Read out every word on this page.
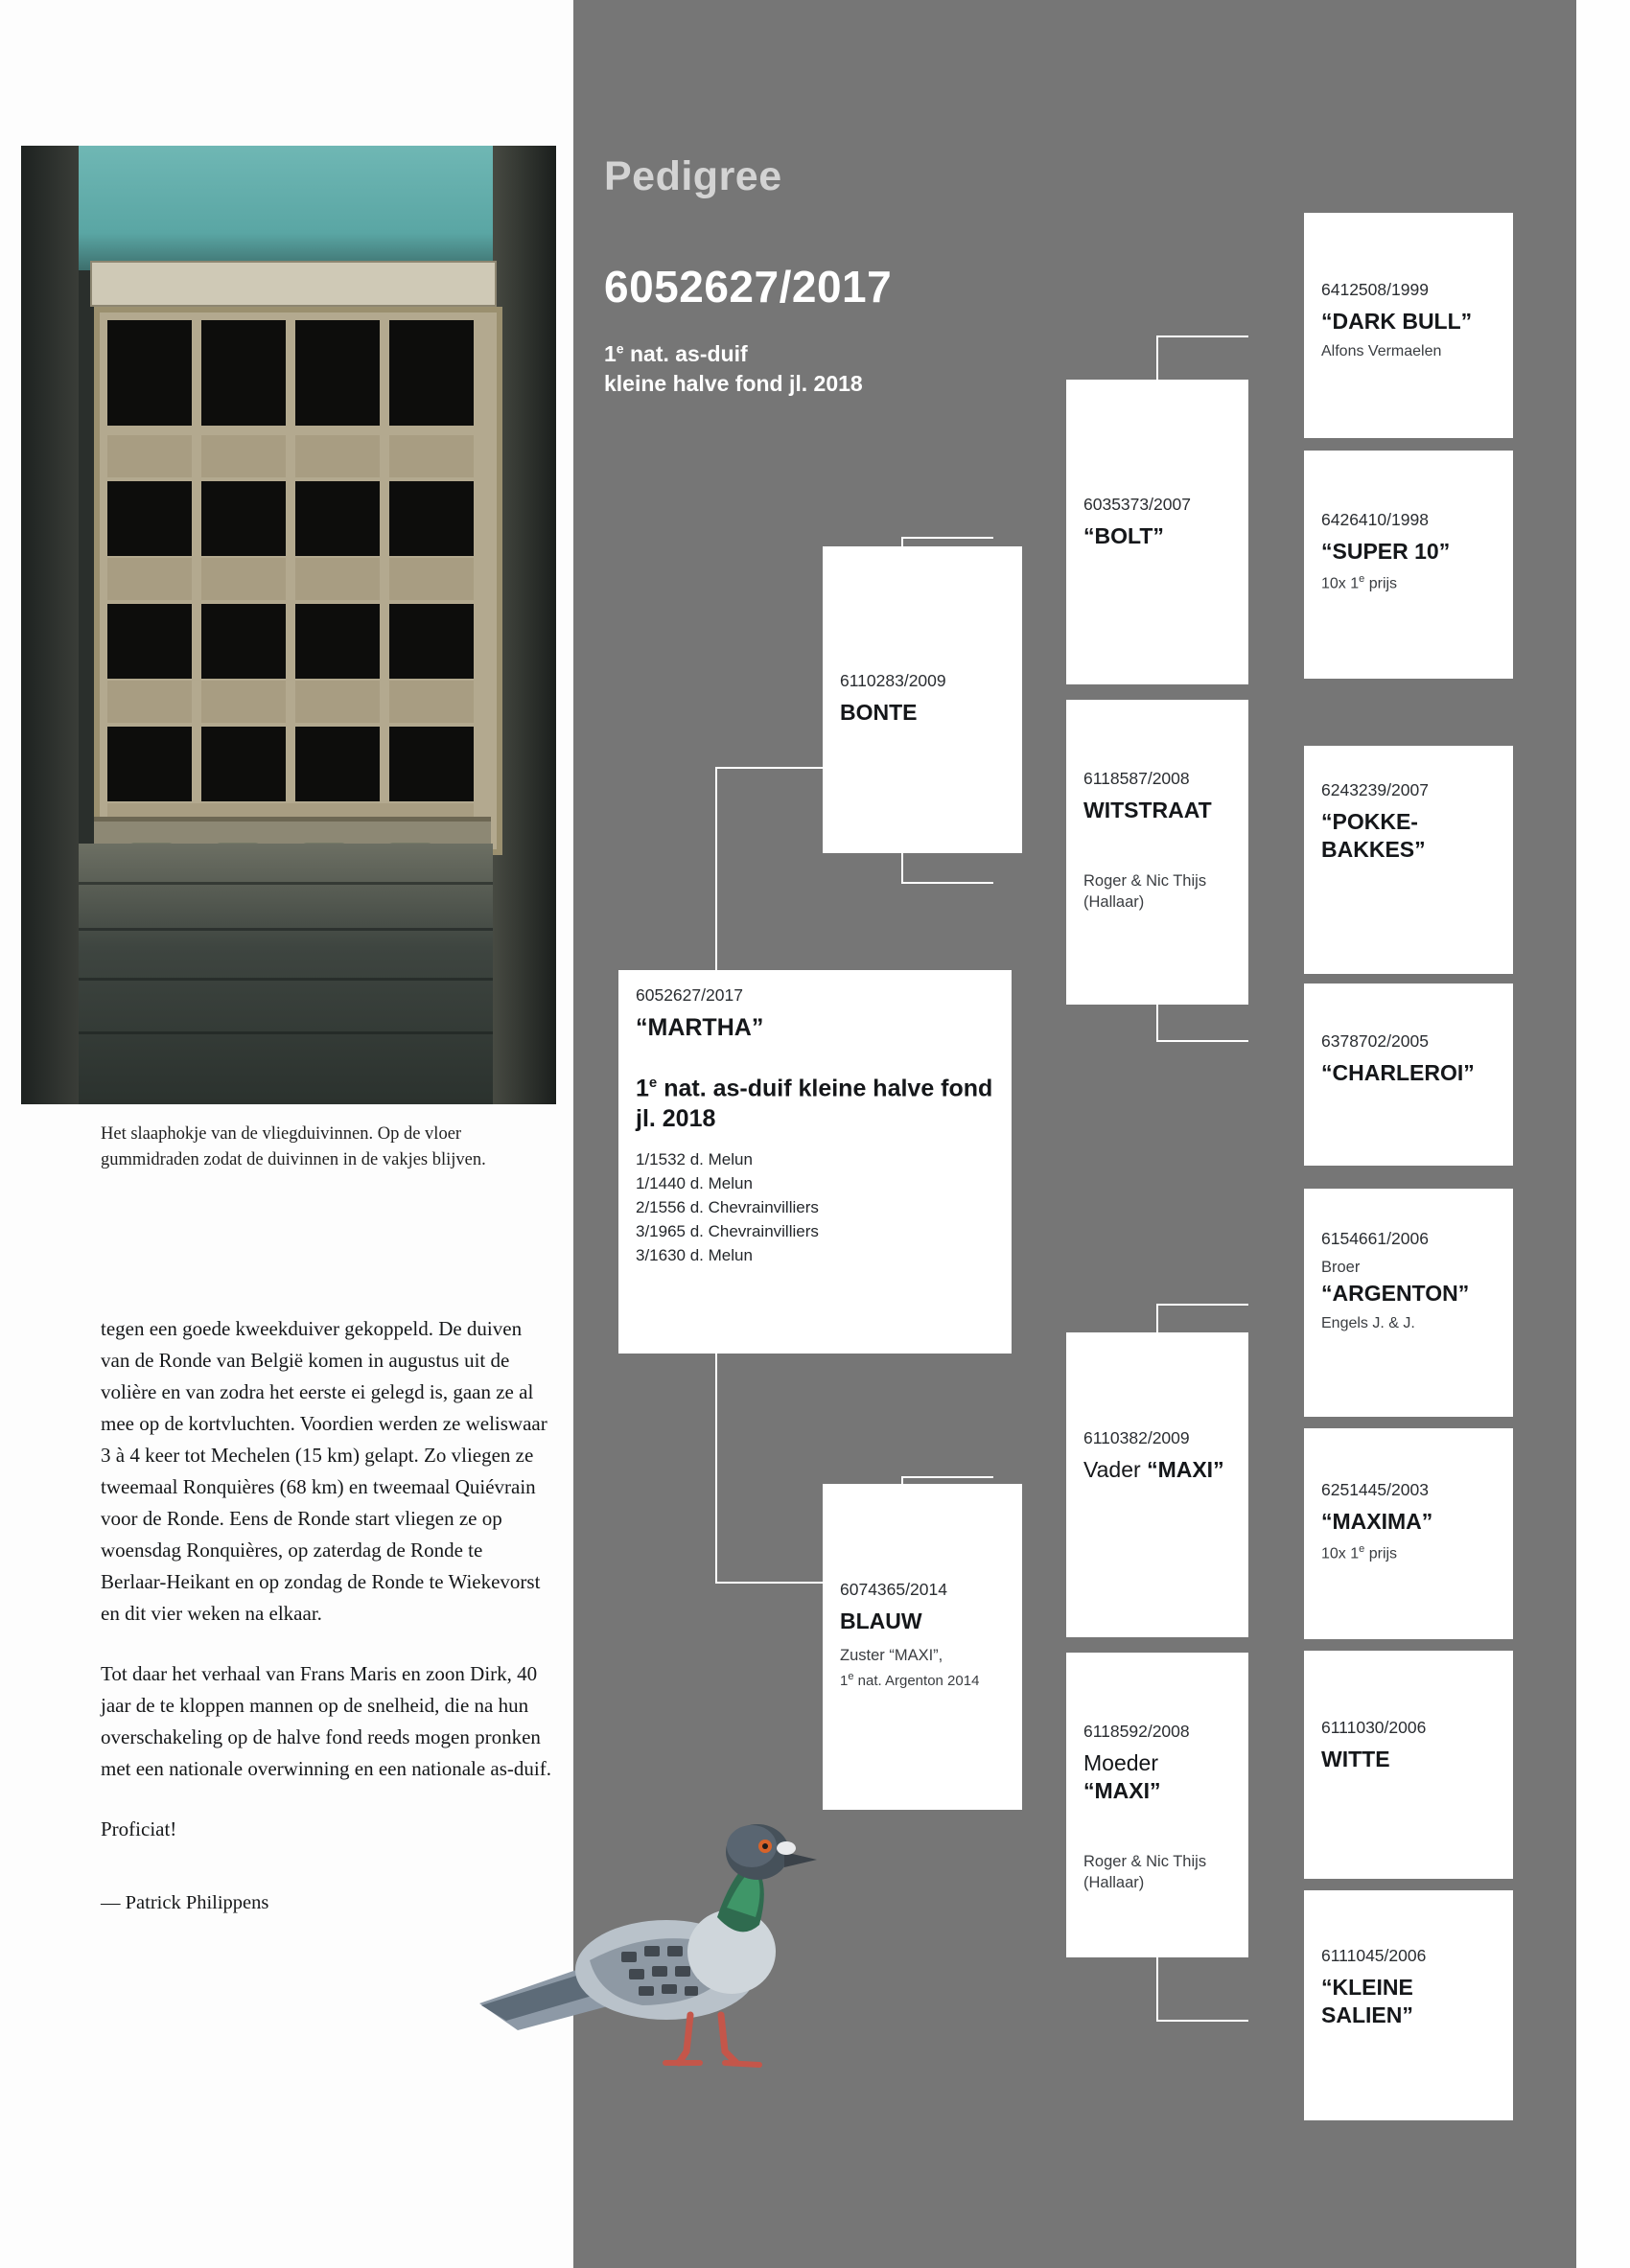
Het slaaphokje van de vliegduivinnen. Op de vloer gummidraden zodat de duivinnen in de vakjes blijven.

tegen een goede kweekduiver gekoppeld. De duiven van de Ronde van België komen in augustus uit de volière en van zodra het eerste ei gelegd is, gaan ze al mee op de kortvluchten. Voordien werden ze weliswaar 3 à 4 keer tot Mechelen (15 km) gelapt. Zo vliegen ze tweemaal Ronquières (68 km) en tweemaal Quiévrain voor de Ronde. Eens de Ronde start vliegen ze op woensdag Ronquières, op zaterdag de Ronde te Berlaar-Heikant en op zondag de Ronde te Wiekevorst en dit vier weken na elkaar.

Tot daar het verhaal van Frans Maris en zoon Dirk, 40 jaar de te kloppen mannen op de snelheid, die na hun overschakeling op de halve fond reeds mogen pronken met een nationale overwinning en een nationale as-duif.

Proficiat!

— Patrick Philippens
Pedigree
6052627/2017
1e nat. as-duif
kleine halve fond jl. 2018
6052627/2017
“MARTHA”
1e nat. as-duif kleine halve fond jl. 2018
1/1532 d. Melun
1/1440 d. Melun
2/1556 d. Chevrainvilliers
3/1965 d. Chevrainvilliers
3/1630 d. Melun
6110283/2009
BONTE
6074365/2014
BLAUW
Zuster “MAXI”,
1e nat. Argenton 2014
6035373/2007
“BOLT”
6118587/2008
WITSTRAAT
Roger & Nic Thijs
(Hallaar)
6110382/2009
Vader “MAXI”
6118592/2008
Moeder “MAXI”
Roger & Nic Thijs
(Hallaar)
6412508/1999
“DARK BULL”
Alfons Vermaelen
6426410/1998
“SUPER 10”
10x 1e prijs
6243239/2007
“POKKE-
BAKKES”
6378702/2005
“CHARLEROI”
6154661/2006
Broer
“ARGENTON”
Engels J. & J.
6251445/2003
“MAXIMA”
10x 1e prijs
6111030/2006
WITTE
6111045/2006
“KLEINE
SALIEN”
